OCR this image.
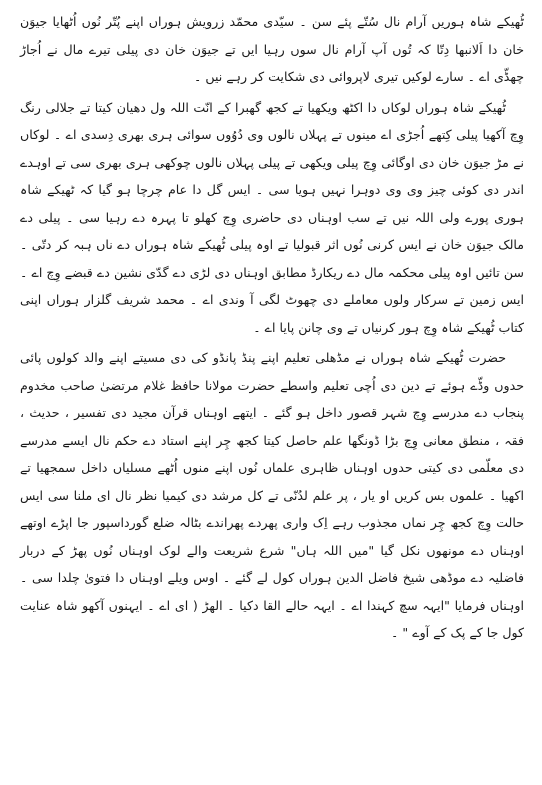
ٹُھیکے شاہ ہوریں آرام نال سُتّے پئے سن ۔ سیّدی محمّد زرویش ہوراں اپنے پُتّر نُوں اُٹھایا جیوَن خان دا اَلانبھا دِتّا کہ تُوں آپ آرام نال سوں رہیا ایں تے جیوَن خان دی پیلی تیرے مال نے اُجاڑ چھڈّی اے ۔ سارے لوکیں تیری لاپروائی دی شکایت کر رہے نیں ۔

ٹُھیکے شاہ ہوراں لوکاں دا اکٹھ ویکھیا تے کجھ گھبرا کے انّت اللہ ول دھیان کیتا تے جلالی رنگ وِچ آکھیا پیلی کِتھے اُجڑی اے مینوں تے پہلاں نالوں وی دُوُوں سوائی ہری بھری دِسدی اے ۔ لوکاں نے مڑ جیوَن خان دی اوگائی وِچ پیلی ویکھی تے پیلی پہلاں نالوں چوکھی ہری بھری سی تے اوہدے اندر دی کوئی چیز وی وی دوہرا نہیں ہویا سی ۔ ایس گل دا عام چرچا ہو گیا کہ ٹھیکے شاہ ہوری پورے ولی اللہ نیں تے سب اوہناں دی حاضری وِچ کھلو تا پہرہ دے رہیا سی ۔ پیلی دے مالک جیوَن خان نے ایس کرنی نُوں اثر قبولیا تے اوہ پیلی ٹُھیکے شاہ ہوراں دے ناں ہبہ کر دتّی ۔ سن تائیں اوہ پیلی محکمہ مال دے ریکارڈ مطابق اوہناں دی لڑی دے گدّی نشین دے قبضے وِچ اے ۔ ایس زمین تے سرکار ولوں معاملے دی چھوٹ لگی آ وندی اے ۔ محمد شریف گلزار ہوراں اپنی کتاب ٹُھیکے شاہ وِچ ہور کرنیاں تے وی چانن پایا اے ۔

حضرت ٹُھیکے شاہ ہوراں نے مڈھلی تعلیم اپنے پنڈ پانڈو کی دی مسیتے اپنے والد کولوں پائی حدوں وڈّے ہوئے تے دین دی اُچی تعلیم واسطے حضرت مولانا حافظ غلام مرتضیٰ صاحب مخدوم پنجاب دے مدرسے وِچ شہر قصور داخل ہو گئے ۔ ایتھے اوہناں قرآن مجید دی تفسیر ، حدیث ، فقہ ، منطق معانی وِچ بڑا ڈونگھا علم حاصل کیتا کجھ چِر اپنے استاد دے حکم نال ایسے مدرسے دی معلّمی دی کیتی حدوں اوہناں ظاہری علماں نُوں اپنے منوں اُٹھے مسلیاں داخل سمجھیا تے اکھیا ۔ علموں بس کریں او یار ، پر علم لدُنّی تے کل مرشد دی کیمیا نظر نال ای ملنا سی ایس حالت وِچ کجھ چِر نماں مجذوب رہے اِک واری پھردے پھراندے بٹالہ ضلع گورداسپور جا اپڑے اوتھے اوہناں دے مونھوں نکل گیا "میں اللہ ہاں" شرع شریعت والے لوک اوہناں نُوں پھڑ کے دربار فاضلیہ دے موڈھی شیخ فاضل الدین ہوراں کول لے گئے ۔ اوس ویلے اوہناں دا فتویٰ چلدا سی ۔ اوہناں فرمایا "ایہہ سچ کہندا اے ۔ ایہہ حالے القا دکیا ۔ الھڑ ( ای اے ۔ ایہنوں آکھو شاہ عنایت کول جا کے پک کے آوے " ۔
